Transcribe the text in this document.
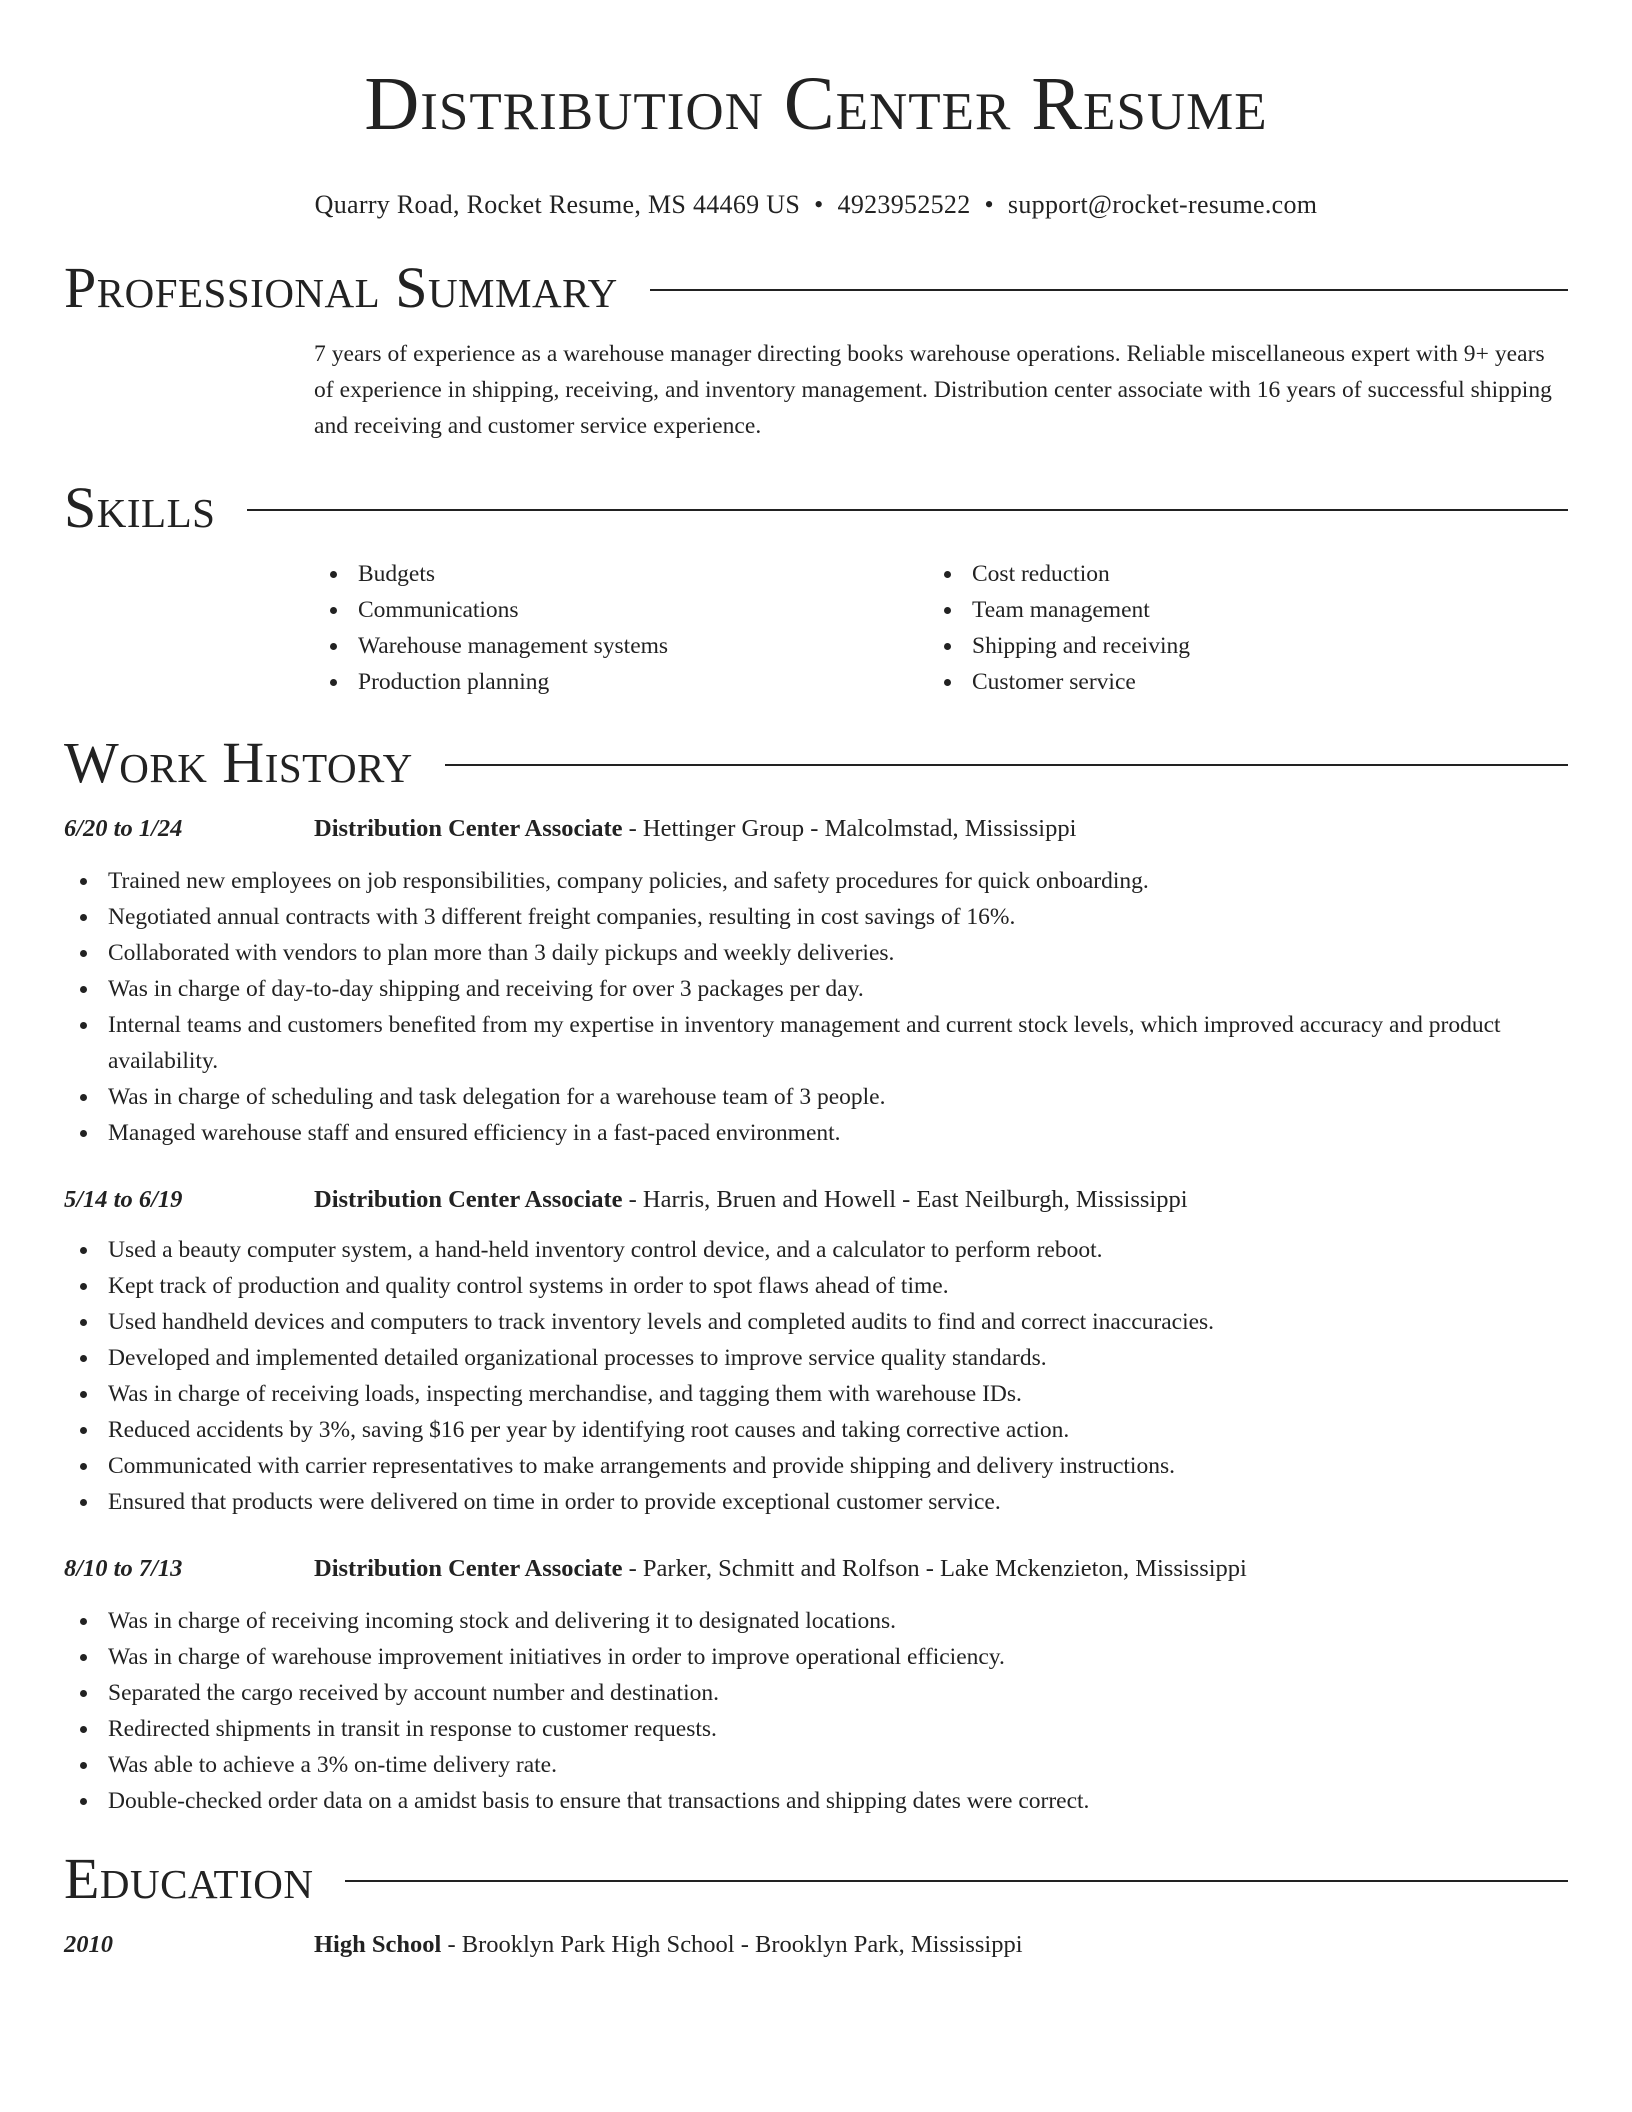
Distribution Center Resume
Quarry Road, Rocket Resume, MS 44469 US • 4923952522 • support@rocket-resume.com
Professional Summary

7 years of experience as a warehouse manager directing books warehouse operations. Reliable miscellaneous expert with 9+ years of experience in shipping, receiving, and inventory management. Distribution center associate with 16 years of successful shipping and receiving and customer service experience.

Skills
Budgets
Communications
Warehouse management systems
Production planning
Cost reduction
Team management
Shipping and receiving
Customer service
Work History
6/20 to 1/24	Distribution Center Associate - Hettinger Group - Malcolmstad, Mississippi
Trained new employees on job responsibilities, company policies, and safety procedures for quick onboarding.
Negotiated annual contracts with 3 different freight companies, resulting in cost savings of 16%.
Collaborated with vendors to plan more than 3 daily pickups and weekly deliveries.
Was in charge of day-to-day shipping and receiving for over 3 packages per day.
Internal teams and customers benefited from my expertise in inventory management and current stock levels, which improved accuracy and product availability.
Was in charge of scheduling and task delegation for a warehouse team of 3 people.
Managed warehouse staff and ensured efficiency in a fast-paced environment.
5/14 to 6/19	Distribution Center Associate - Harris, Bruen and Howell - East Neilburgh, Mississippi
Used a beauty computer system, a hand-held inventory control device, and a calculator to perform reboot.
Kept track of production and quality control systems in order to spot flaws ahead of time.
Used handheld devices and computers to track inventory levels and completed audits to find and correct inaccuracies.
Developed and implemented detailed organizational processes to improve service quality standards.
Was in charge of receiving loads, inspecting merchandise, and tagging them with warehouse IDs.
Reduced accidents by 3%, saving $16 per year by identifying root causes and taking corrective action.
Communicated with carrier representatives to make arrangements and provide shipping and delivery instructions.
Ensured that products were delivered on time in order to provide exceptional customer service.
8/10 to 7/13	Distribution Center Associate - Parker, Schmitt and Rolfson - Lake Mckenzieton, Mississippi
Was in charge of receiving incoming stock and delivering it to designated locations.
Was in charge of warehouse improvement initiatives in order to improve operational efficiency.
Separated the cargo received by account number and destination.
Redirected shipments in transit in response to customer requests.
Was able to achieve a 3% on-time delivery rate.
Double-checked order data on a amidst basis to ensure that transactions and shipping dates were correct.
Education
2010	High School - Brooklyn Park High School - Brooklyn Park, Mississippi
